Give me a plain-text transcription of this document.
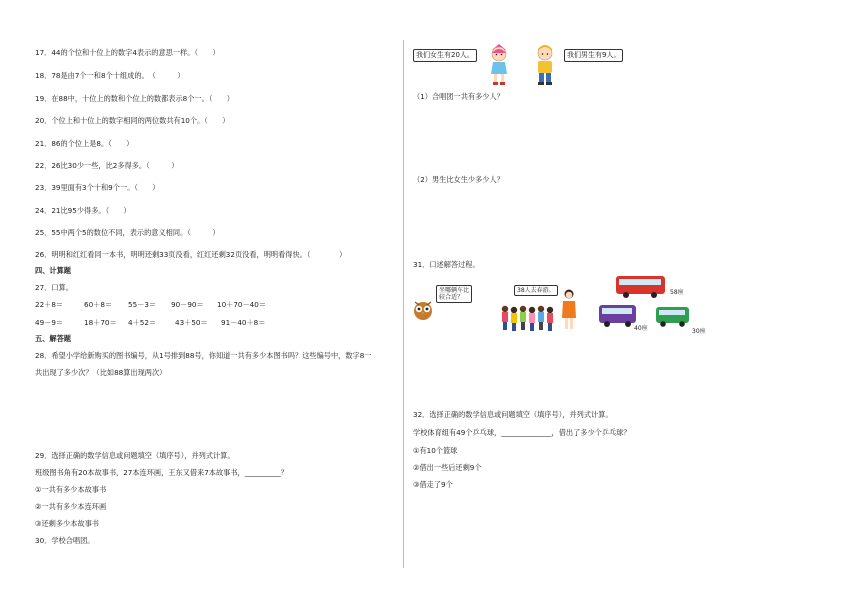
17．44的个位和十位上的数字4表示的意思一样。（　　）
18．78是由7个一和8个十组成的。　（　　　）
19．在88中，十位上的数和个位上的数都表示8个一。（　　）
20．个位上和十位上的数字相同的两位数共有10个。（　　）
21．86的个位上是8。（　　）
22．26比30少一些，比2多得多。（　　　）
23．39里面有3个十和9个一。（　　）
24．21比95少得多。（　　）
25．55中两个5的数位不同，表示的意义相同。（　　　）
26．明明和红红看同一本书，明明还剩33页没看，红红还剩32页没看，明明看得快。（　　　　）
四、计算题
27．口算。
22＋8＝	60＋8＝ 55－3＝ 90－90＝ 10＋70－40＝
49－9＝	18＋70＝ 4＋52＝	43＋50＝ 91－40＋8＝
五、解答题
28．希望小学给新购买的图书编号，从1号排到88号，你知道一共有多少本图书吗？这些编号中，数字8一
共出现了多少次？（比如88算出现两次）
29．选择正确的数学信息或问题填空（填序号），并列式计算。
班级图书角有20本故事书，27本连环画，王东又借来7本故事书，__________？
①一共有多少本故事书
②一共有多少本连环画
③还剩多少本故事书
30．学校合唱团。
我们女生有20人。	我们男生有9人。
（1）合唱团一共有多少人？
（2）男生比女生少多少人？
31．口述解答过程。
坐哪辆车比
较合适？
38人去春游。	58座
40座	30座
32．选择正确的数学信息或问题填空（填序号），并列式计算。
学校体育组有49个乒乓球，______________，借出了多少个乒乓球？
①有10个篮球
②借出一些后还剩9个
③借走了9个
